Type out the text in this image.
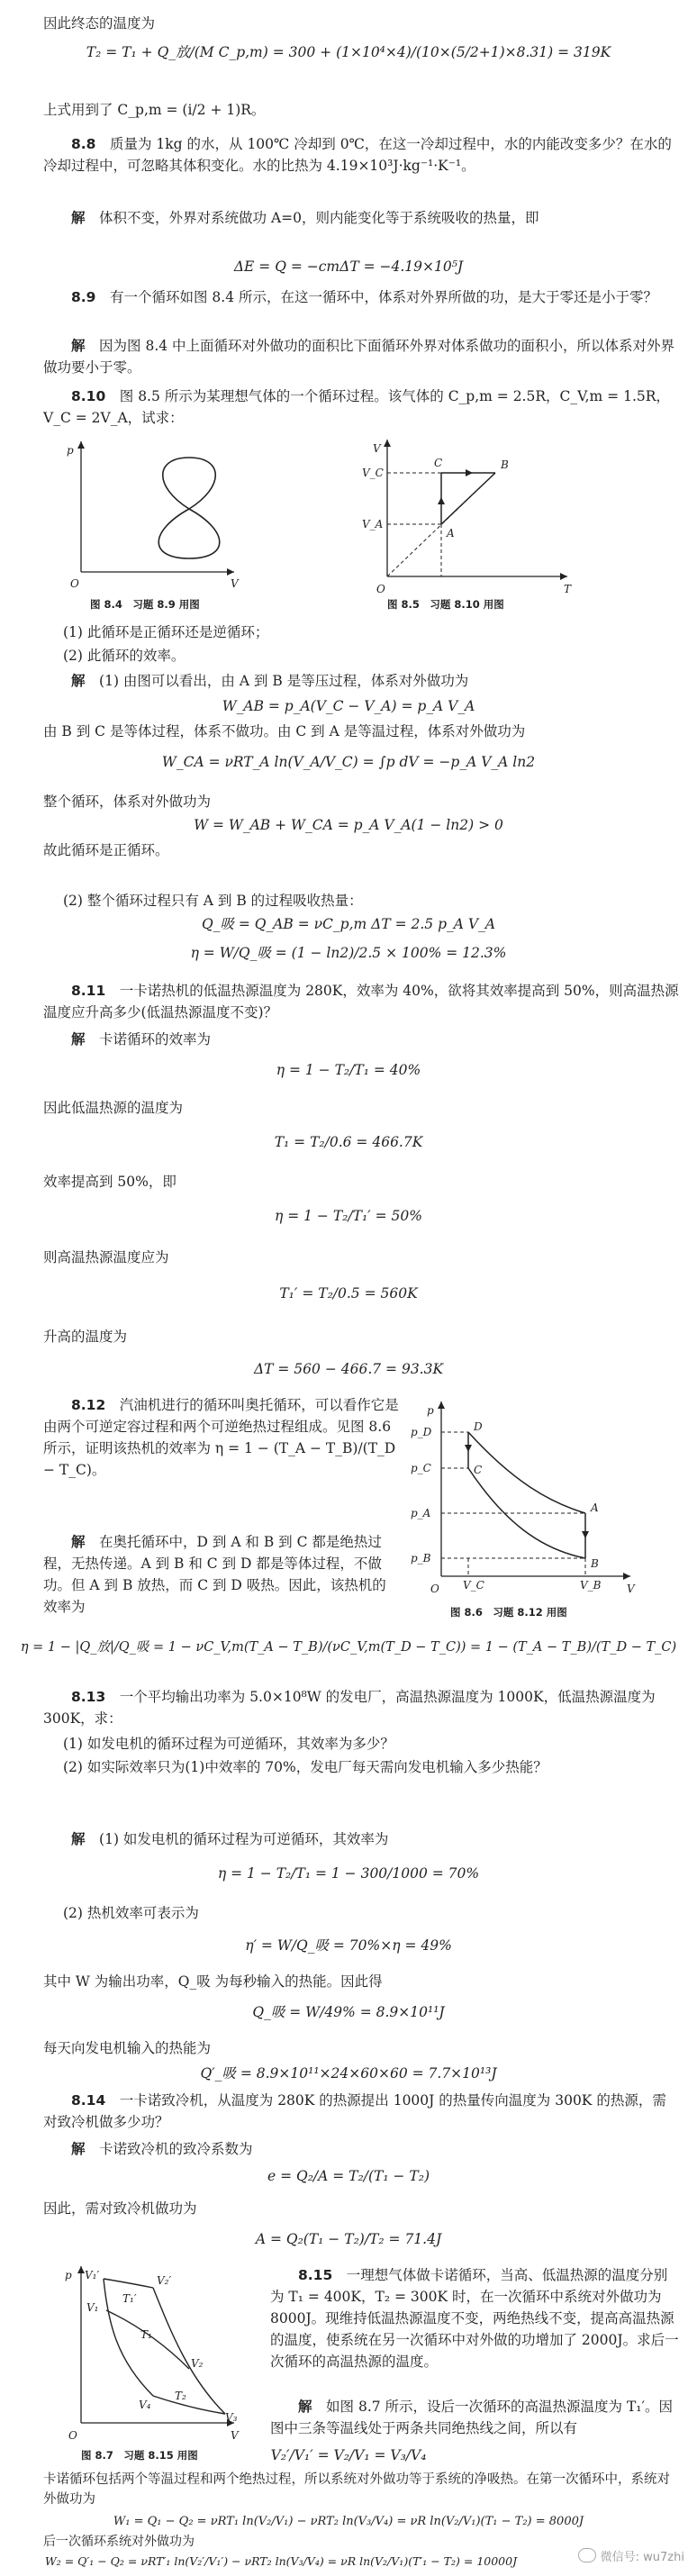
因此终态的温度为
T₂ = T₁ + Q_放/(M C_p,m) = 300 + (1×10⁴×4)/(10×(5/2+1)×8.31) = 319K
上式用到了 C_p,m = (i/2 + 1)R。
8.8　 质量为 1kg 的水，从 100℃ 冷却到 0℃，在这一冷却过程中，水的内能改变多少？在水的冷却过程中，可忽略其体积变化。水的比热为 4.19×10³J·kg⁻¹·K⁻¹。
解　 体积不变，外界对系统做功 A=0，则内能变化等于系统吸收的热量，即
ΔE = Q = −cmΔT = −4.19×10⁵J
8.9　 有一个循环如图 8.4 所示，在这一循环中，体系对外界所做的功，是大于零还是小于零？
解　 因为图 8.4 中上面循环对外做功的面积比下面循环外界对体系做功的面积小，所以体系对外界做功要小于零。
8.10　 图 8.5 所示为某理想气体的一个循环过程。该气体的 C_p,m = 2.5R，C_V,m = 1.5R，V_C = 2V_A，试求：
p
V
O
图 8.4　习题 8.9 用图
V
T
O
V_C
V_A
C	B
A
图 8.5　习题 8.10 用图
(1) 此循环是正循环还是逆循环；
(2) 此循环的效率。
解　 (1) 由图可以看出，由 A 到 B 是等压过程，体系对外做功为
W_AB = p_A(V_C − V_A) = p_A V_A
由 B 到 C 是等体过程，体系不做功。由 C 到 A 是等温过程，体系对外做功为
W_CA = νRT_A ln(V_A/V_C) = ∫p dV = −p_A V_A ln2
整个循环，体系对外做功为
W = W_AB + W_CA = p_A V_A(1 − ln2) > 0
故此循环是正循环。
(2) 整个循环过程只有 A 到 B 的过程吸收热量：
Q_吸 = Q_AB = νC_p,m ΔT = 2.5 p_A V_A
η = W/Q_吸 = (1 − ln2)/2.5 × 100% = 12.3%
8.11　 一卡诺热机的低温热源温度为 280K，效率为 40%，欲将其效率提高到 50%，则高温热源温度应升高多少(低温热源温度不变)？
解　 卡诺循环的效率为
η = 1 − T₂/T₁ = 40%
因此低温热源的温度为
T₁ = T₂/0.6 = 466.7K
效率提高到 50%，即
η = 1 − T₂/T₁′ = 50%
则高温热源温度应为
T₁′ = T₂/0.5 = 560K
升高的温度为
ΔT = 560 − 466.7 = 93.3K
8.12　 汽油机进行的循环叫奥托循环，可以看作它是由两个可逆定容过程和两个可逆绝热过程组成。见图 8.6 所示，证明该热机的效率为 η = 1 − (T_A − T_B)/(T_D − T_C)。
解　 在奥托循环中，D 到 A 和 B 到 C 都是绝热过程，无热传递。A 到 B 和 C 到 D 都是等体过程，不做功。但 A 到 B 放热，而 C 到 D 吸热。因此，该热机的效率为
p
V
O
p_D
p_C
p_A
p_B
D
C
A
B
V_C	V_B
图 8.6　习题 8.12 用图
η = 1 − |Q_放|/Q_吸 = 1 − νC_V,m(T_A − T_B)/(νC_V,m(T_D − T_C)) = 1 − (T_A − T_B)/(T_D − T_C)
8.13　 一个平均输出功率为 5.0×10⁸W 的发电厂，高温热源温度为 1000K，低温热源温度为 300K，求：
(1) 如发电机的循环过程为可逆循环，其效率为多少？
(2) 如实际效率只为(1)中效率的 70%，发电厂每天需向发电机输入多少热能？
解　 (1) 如发电机的循环过程为可逆循环，其效率为
η = 1 − T₂/T₁ = 1 − 300/1000 = 70%
(2) 热机效率可表示为
η′ = W/Q_吸 = 70%×η = 49%
其中 W 为输出功率，Q_吸 为每秒输入的热能。因此得
Q_吸 = W/49% = 8.9×10¹¹J
每天向发电机输入的热能为
Q′_吸 = 8.9×10¹¹×24×60×60 = 7.7×10¹³J
8.14　 一卡诺致冷机，从温度为 280K 的热源提出 1000J 的热量传向温度为 300K 的热源，需对致冷机做多少功？
解　 卡诺致冷机的致冷系数为
e = Q₂/A = T₂/(T₁ − T₂)
因此，需对致冷机做功为
A = Q₂(T₁ − T₂)/T₂ = 71.4J
p
V
O
V₁′	V₂′
V₁
V₂
T₁′
T₁
T₂
V₄
V₃
图 8.7　习题 8.15 用图
8.15　 一理想气体做卡诺循环，当高、低温热源的温度分别为 T₁ = 400K，T₂ = 300K 时，在一次循环中系统对外做功为 8000J。现维持低温热源温度不变，两绝热线不变，提高高温热源的温度，使系统在另一次循环中对外做的功增加了 2000J。求后一次循环的高温热源的温度。
解　 如图 8.7 所示，设后一次循环的高温热源温度为 T₁′。因图中三条等温线处于两条共同绝热线之间，所以有
V₂′/V₁′ = V₂/V₁ = V₃/V₄
卡诺循环包括两个等温过程和两个绝热过程，所以系统对外做功等于系统的净吸热。在第一次循环中，系统对外做功为
W₁ = Q₁ − Q₂ = νRT₁ ln(V₂/V₁) − νRT₂ ln(V₃/V₄) = νR ln(V₂/V₁)(T₁ − T₂) = 8000J
后一次循环系统对外做功为
W₂ = Q′₁ − Q₂ = νRT′₁ ln(V₂′/V₁′) − νRT₂ ln(V₃/V₄) = νR ln(V₂/V₁)(T′₁ − T₂) = 10000J	微信号: wu7zhi
